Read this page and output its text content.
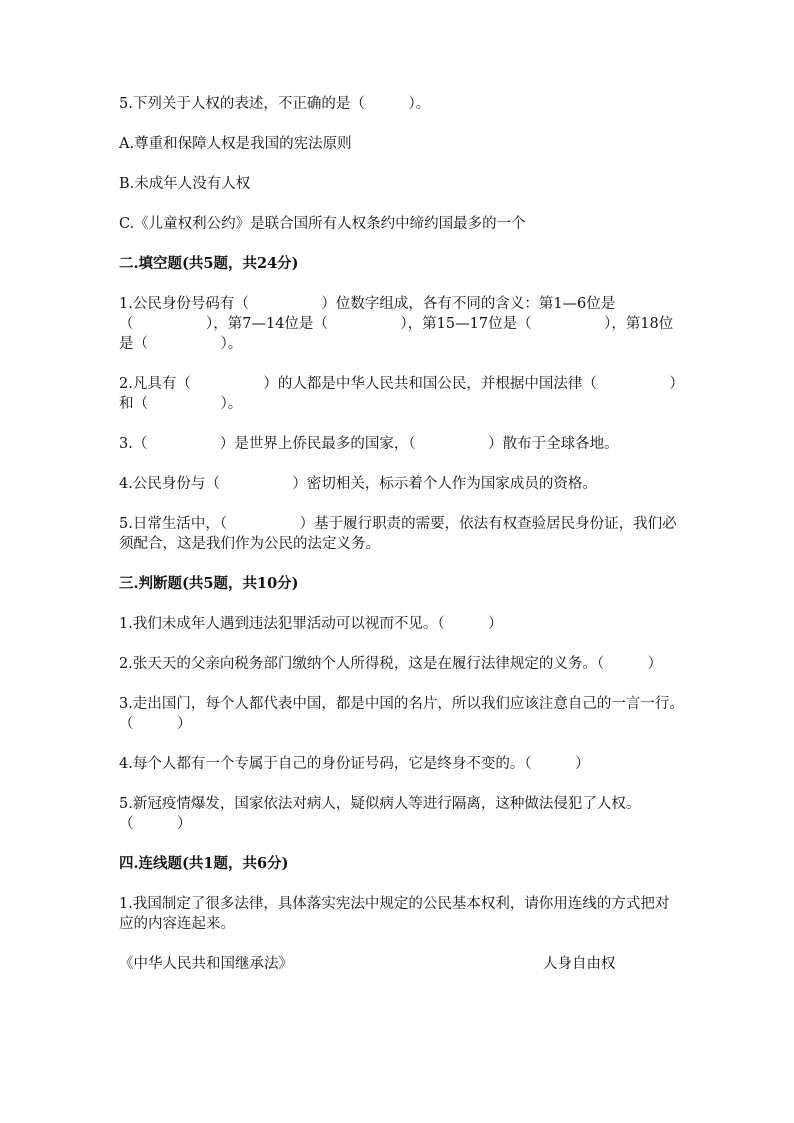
5.下列关于人权的表述，不正确的是（　　　）。

A.尊重和保障人权是我国的宪法原则

B.未成年人没有人权

C.《儿童权利公约》是联合国所有人权条约中缔约国最多的一个

二.填空题(共5题，共24分)

1.公民身份号码有（　　　　　）位数字组成，各有不同的含义：第1—6位是（　　　　　），第7—14位是（　　　　　），第15—17位是（　　　　　），第18位是（　　　　　）。

2.凡具有（　　　　　）的人都是中华人民共和国公民，并根据中国法律（　　　　　）和（　　　　　）。

3.（　　　　　）是世界上侨民最多的国家，（　　　　　）散布于全球各地。

4.公民身份与（　　　　　）密切相关，标示着个人作为国家成员的资格。

5.日常生活中，（　　　　　）基于履行职责的需要，依法有权查验居民身份证，我们必须配合，这是我们作为公民的法定义务。

三.判断题(共5题，共10分)

1.我们未成年人遇到违法犯罪活动可以视而不见。（　　　）

2.张天天的父亲向税务部门缴纳个人所得税，这是在履行法律规定的义务。（　　　）

3.走出国门，每个人都代表中国，都是中国的名片，所以我们应该注意自己的一言一行。　　（　　　）

4.每个人都有一个专属于自己的身份证号码，它是终身不变的。（　　　）

5.新冠疫情爆发，国家依法对病人，疑似病人等进行隔离，这种做法侵犯了人权。（　　　）

四.连线题(共1题，共6分)

1.我国制定了很多法律，具体落实宪法中规定的公民基本权利，请你用连线的方式把对应的内容连起来。

《中华人民共和国继承法》	人身自由权
